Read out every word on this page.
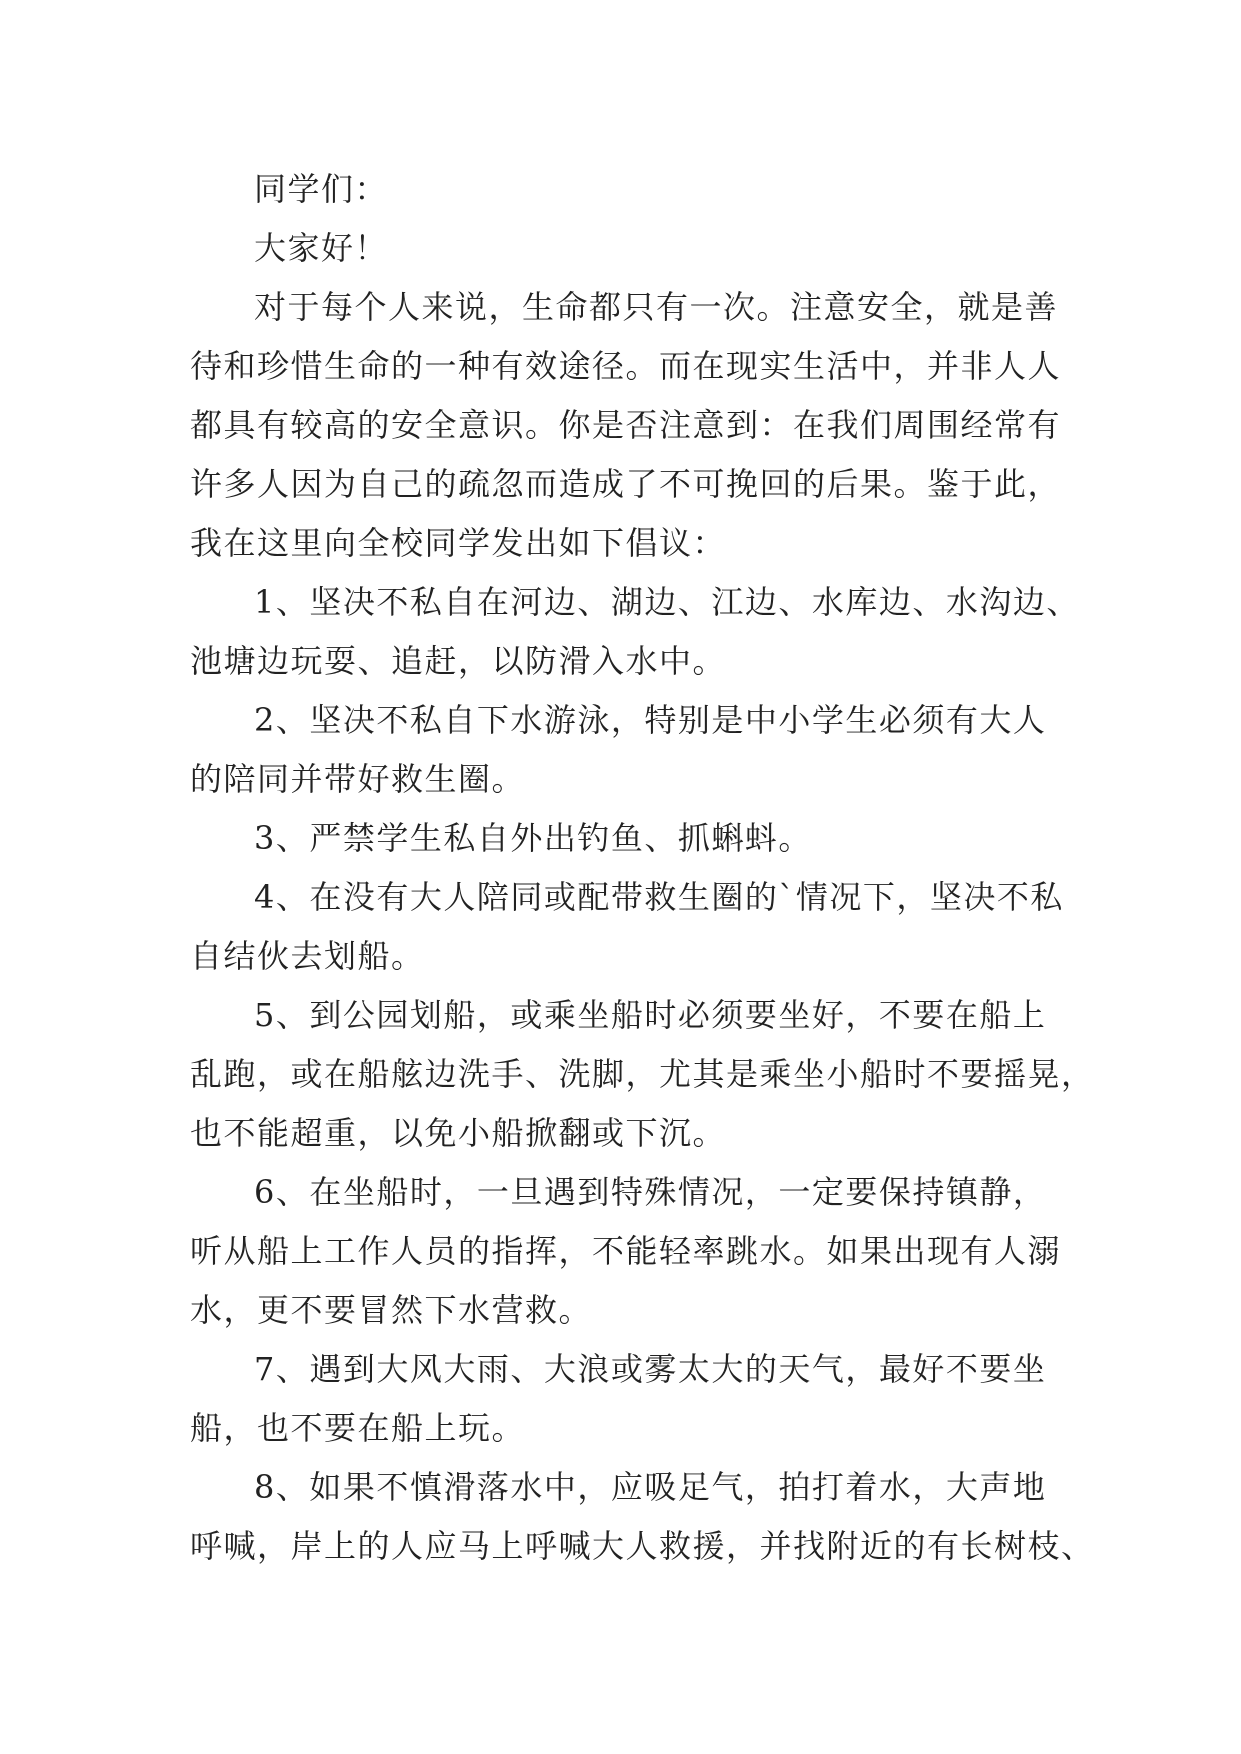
同学们：

大家好！

对于每个人来说，生命都只有一次。注意安全，就是善
待和珍惜生命的一种有效途径。而在现实生活中，并非人人
都具有较高的安全意识。你是否注意到：在我们周围经常有
许多人因为自己的疏忽而造成了不可挽回的后果。鉴于此，
我在这里向全校同学发出如下倡议：

1、坚决不私自在河边、湖边、江边、水库边、水沟边、
池塘边玩耍、追赶，以防滑入水中。

2、坚决不私自下水游泳，特别是中小学生必须有大人
的陪同并带好救生圈。

3、严禁学生私自外出钓鱼、抓蝌蚪。

4、在没有大人陪同或配带救生圈的`情况下，坚决不私
自结伙去划船。

5、到公园划船，或乘坐船时必须要坐好，不要在船上
乱跑，或在船舷边洗手、洗脚，尤其是乘坐小船时不要摇晃，
也不能超重，以免小船掀翻或下沉。

6、在坐船时，一旦遇到特殊情况，一定要保持镇静，
听从船上工作人员的指挥，不能轻率跳水。如果出现有人溺
水，更不要冒然下水营救。

7、遇到大风大雨、大浪或雾太大的天气，最好不要坐
船，也不要在船上玩。

8、如果不慎滑落水中，应吸足气，拍打着水，大声地
呼喊，岸上的人应马上呼喊大人救援，并找附近的有长树枝、
